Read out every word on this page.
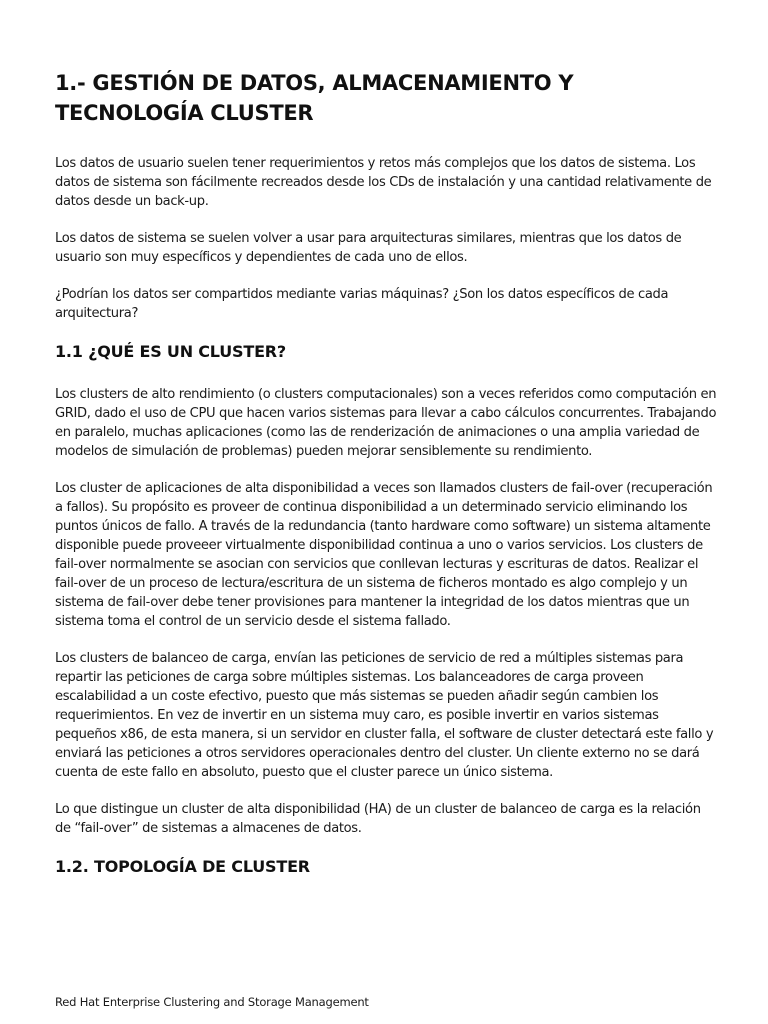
1.- GESTIÓN DE DATOS, ALMACENAMIENTO Y TECNOLOGÍA CLUSTER

Los datos de usuario suelen tener requerimientos y retos más complejos que los datos de sistema. Los datos de sistema son fácilmente recreados desde los CDs de instalación y una cantidad relativamente de datos desde un back-up.

Los datos de sistema se suelen volver a usar para arquitecturas similares, mientras que los datos de usuario son muy específicos y dependientes de cada uno de ellos.

¿Podrían los datos ser compartidos mediante varias máquinas? ¿Son los datos específicos de cada arquitectura?

1.1 ¿QUÉ ES UN CLUSTER?

Los clusters de alto rendimiento (o clusters computacionales) son a veces referidos como computación en GRID, dado el uso de CPU que hacen varios sistemas para llevar a cabo cálculos concurrentes. Trabajando en paralelo, muchas aplicaciones (como las de renderización de animaciones o una amplia variedad de modelos de simulación de problemas) pueden mejorar sensiblemente su rendimiento.

Los cluster de aplicaciones de alta disponibilidad a veces son llamados clusters de fail-over (recuperación a fallos). Su propósito es proveer de continua disponibilidad a un determinado servicio eliminando los puntos únicos de fallo. A través de la redundancia (tanto hardware como software) un sistema altamente disponible puede proveeer virtualmente disponibilidad continua a uno o varios servicios. Los clusters de fail-over normalmente se asocian con servicios que conllevan lecturas y escrituras de datos. Realizar el fail-over de un proceso de lectura/escritura de un sistema de ficheros montado es algo complejo y un sistema de fail-over debe tener provisiones para mantener la integridad de los datos mientras que un sistema toma el control de un servicio desde el sistema fallado.

Los clusters de balanceo de carga, envían las peticiones de servicio de red a múltiples sistemas para repartir las peticiones de carga sobre múltiples sistemas. Los balanceadores de carga proveen escalabilidad a un coste efectivo, puesto que más sistemas se pueden añadir según cambien los requerimientos. En vez de invertir en un sistema muy caro, es posible invertir en varios sistemas pequeños x86, de esta manera, si un servidor en cluster falla, el software de cluster detectará este fallo y enviará las peticiones a otros servidores operacionales dentro del cluster. Un cliente externo no se dará cuenta de este fallo en absoluto, puesto que el cluster parece un único sistema.

Lo que distingue un cluster de alta disponibilidad (HA) de un cluster de balanceo de carga es la relación de “fail-over” de sistemas a almacenes de datos.

1.2. TOPOLOGÍA DE CLUSTER
Red Hat Enterprise Clustering and Storage Management
